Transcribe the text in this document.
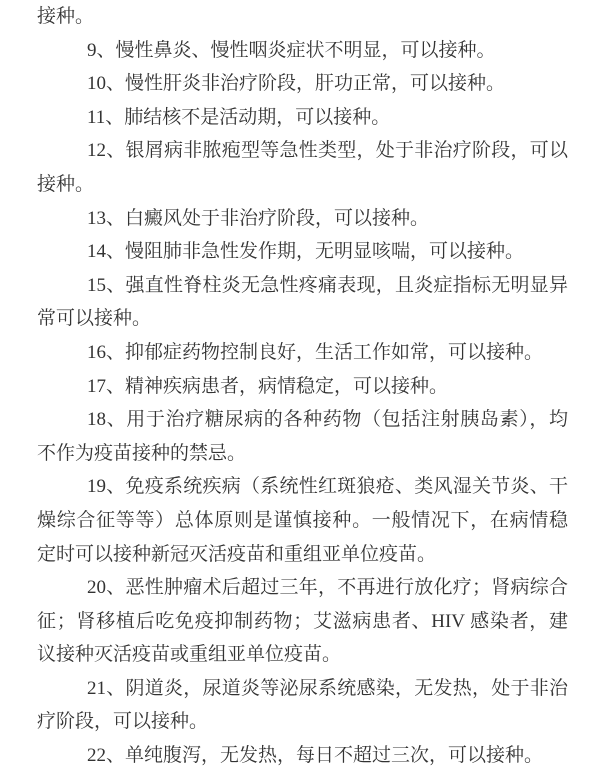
接种。

9、慢性鼻炎、慢性咽炎症状不明显，可以接种。

10、慢性肝炎非治疗阶段，肝功正常，可以接种。

11、肺结核不是活动期，可以接种。

12、银屑病非脓疱型等急性类型，处于非治疗阶段，可以接种。

13、白癜风处于非治疗阶段，可以接种。

14、慢阻肺非急性发作期，无明显咳喘，可以接种。

15、强直性脊柱炎无急性疼痛表现，且炎症指标无明显异常可以接种。

16、抑郁症药物控制良好，生活工作如常，可以接种。

17、精神疾病患者，病情稳定，可以接种。

18、用于治疗糖尿病的各种药物（包括注射胰岛素），均不作为疫苗接种的禁忌。

19、免疫系统疾病（系统性红斑狼疮、类风湿关节炎、干燥综合征等等）总体原则是谨慎接种。一般情况下，在病情稳定时可以接种新冠灭活疫苗和重组亚单位疫苗。

20、恶性肿瘤术后超过三年，不再进行放化疗；肾病综合征；肾移植后吃免疫抑制药物；艾滋病患者、HIV 感染者，建议接种灭活疫苗或重组亚单位疫苗。

21、阴道炎，尿道炎等泌尿系统感染，无发热，处于非治疗阶段，可以接种。

22、单纯腹泻，无发热，每日不超过三次，可以接种。
